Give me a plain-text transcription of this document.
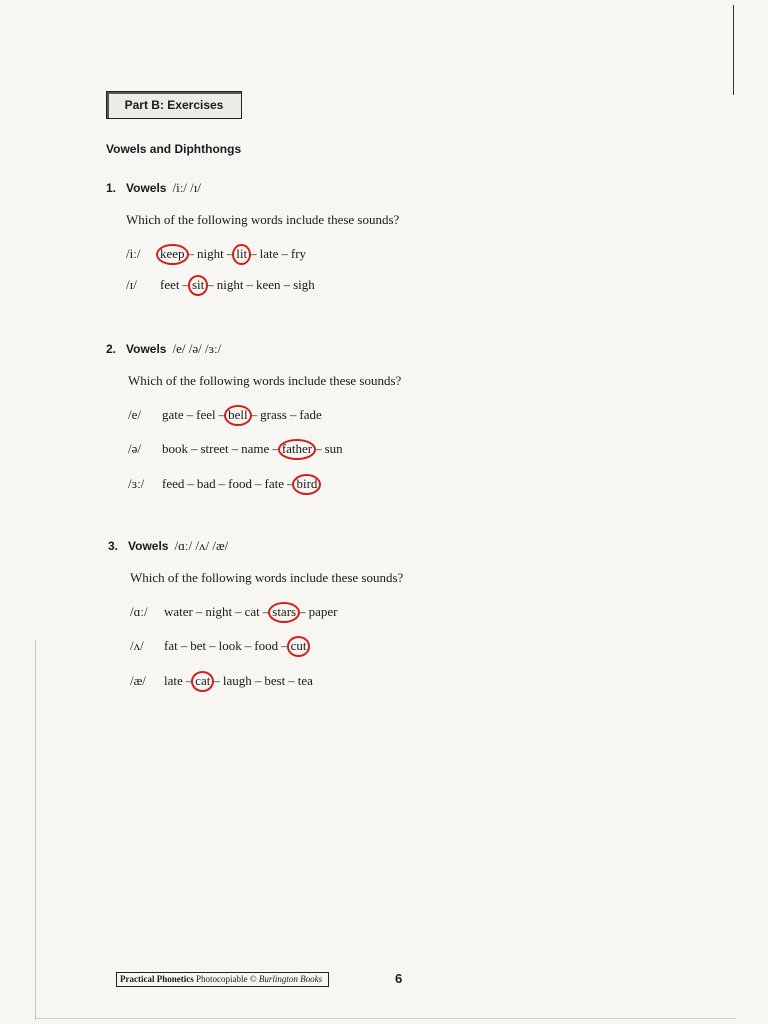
Part B: Exercises
Vowels and Diphthongs
1. Vowels /iː/ /ɪ/
Which of the following words include these sounds?
/iː/	keep – night – lit – late – fry
/ɪ/	feet – sit – night – keen – sigh
2. Vowels /e/ /ə/ /ɜː/
Which of the following words include these sounds?
/e/	gate – feel – bell – grass – fade
/ə/	book – street – name – father – sun
/ɜː/	feed – bad – food – fate – bird
3. Vowels /ɑː/ /ʌ/ /æ/
Which of the following words include these sounds?
/ɑː/	water – night – cat – stars – paper
/ʌ/	fat – bet – look – food – cut
/æ/	late – cat – laugh – best – tea
Practical Phonetics Photocopiable © Burlington Books	6
